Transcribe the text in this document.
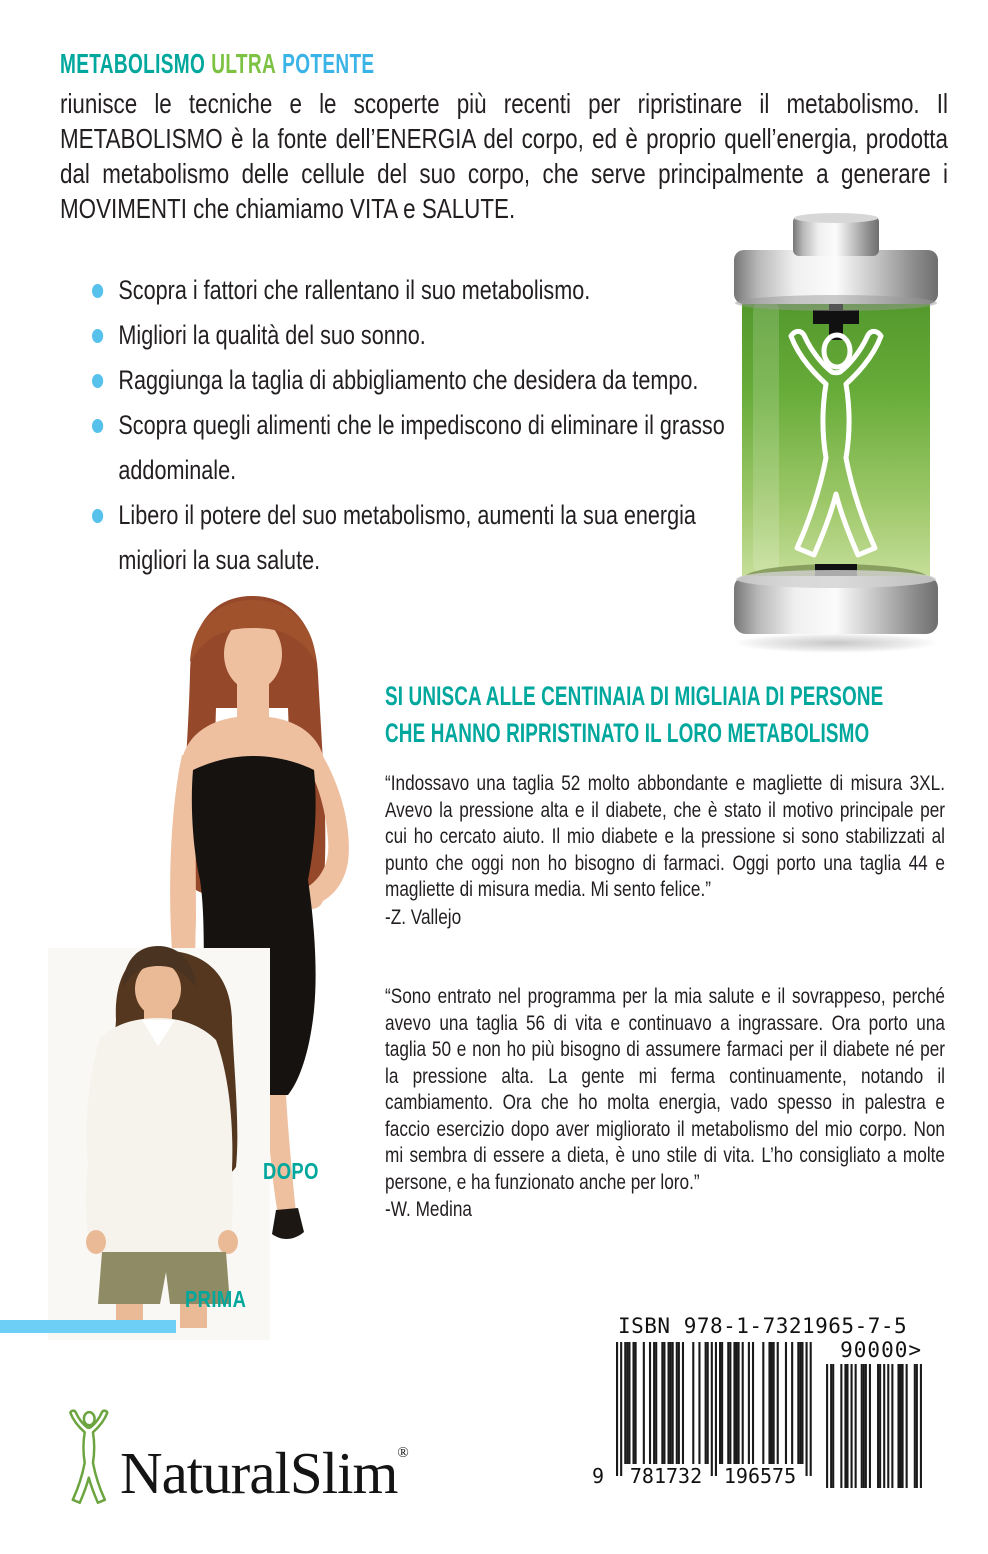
METABOLISMO ULTRA POTENTE
riunisce le tecniche e le scoperte più recenti per ripristinare il metabolismo. Il METABOLISMO è la fonte dell’ENERGIA del corpo, ed è proprio quell’energia, prodotta dal metabolismo delle cellule del suo corpo, che serve principalmente a generare i MOVIMENTI che chiamiamo VITA e SALUTE.
Scopra i fattori che rallentano il suo metabolismo.
Migliori la qualità del suo sonno.
Raggiunga la taglia di abbigliamento che desidera da tempo.
Scopra quegli alimenti che le impediscono di eliminare il grasso addominale.
Libero il potere del suo metabolismo, aumenti la sua energia migliori la sua salute.
DOPO
PRIMA
SI UNISCA ALLE CENTINAIA DI MIGLIAIA DI PERSONE CHE HANNO RIPRISTINATO IL LORO METABOLISMO
“Indossavo una taglia 52 molto abbondante e magliette di misura 3XL. Avevo la pressione alta e il diabete, che è stato il motivo principale per cui ho cercato aiuto. Il mio diabete e la pressione si sono stabilizzati al punto che oggi non ho bisogno di farmaci. Oggi porto una taglia 44 e magliette di misura media. Mi sento felice.”
-Z. Vallejo
“Sono entrato nel programma per la mia salute e il sovrappeso, perché avevo una taglia 56 di vita e continuavo a ingrassare. Ora porto una taglia 50 e non ho più bisogno di assumere farmaci per il diabete né per la pressione alta. La gente mi ferma continuamente, notando il cambiamento. Ora che ho molta energia, vado spesso in palestra e faccio esercizio dopo aver migliorato il metabolismo del mio corpo. Non mi sembra di essere a dieta, è uno stile di vita. L’ho consigliato a molte persone, e ha funzionato anche per loro.”
-W. Medina
ISBN 978-1-7321965-7-5
9 781732 196575
90000>
NaturalSlim®
